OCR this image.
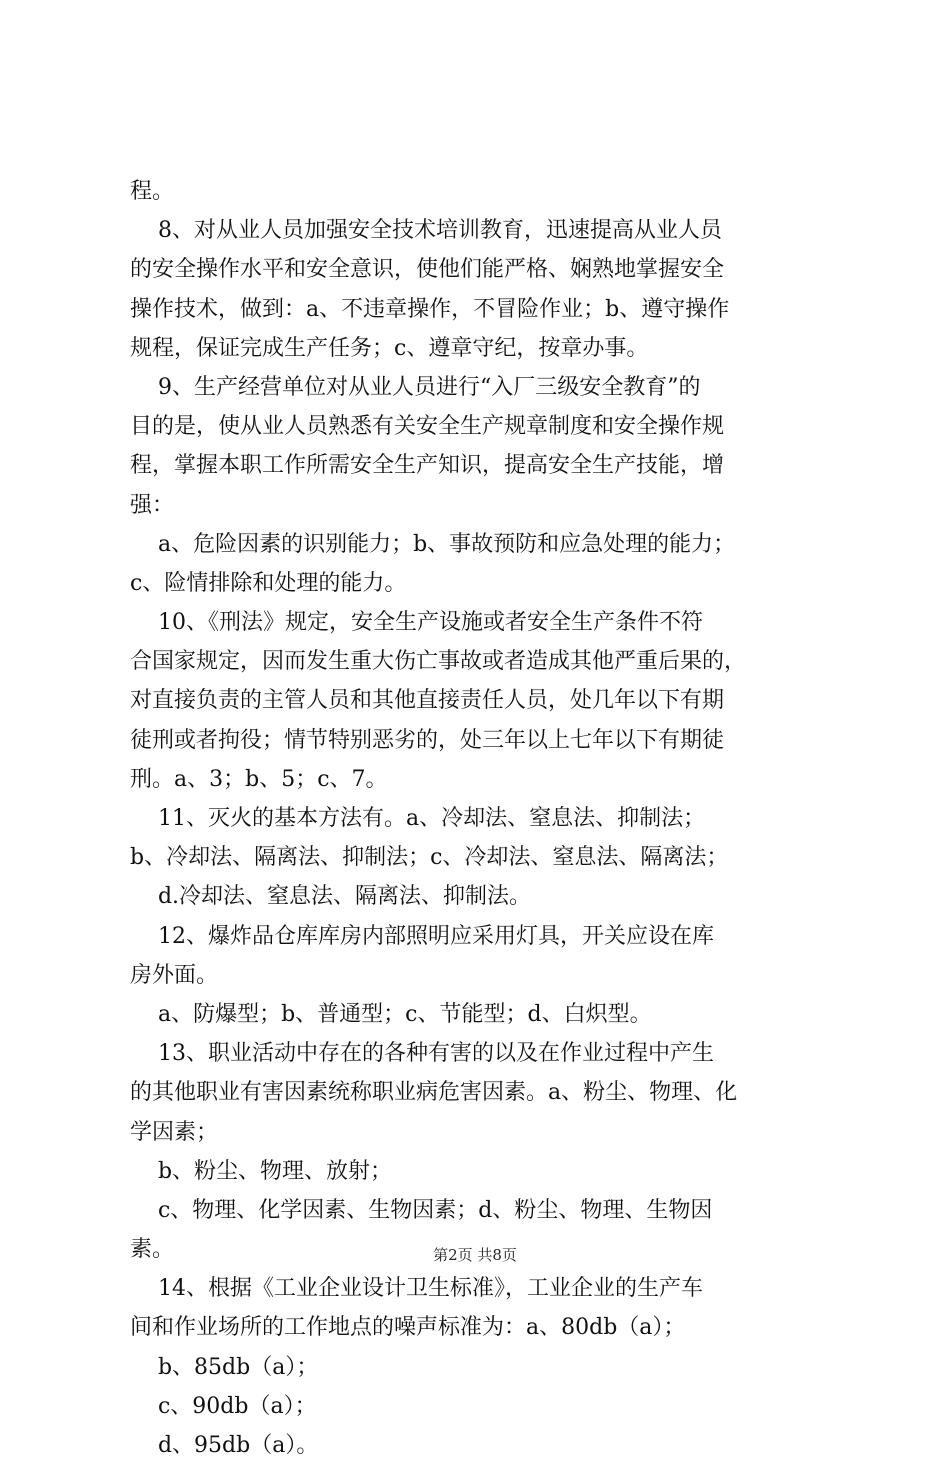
程。
8、对从业人员加强安全技术培训教育，迅速提高从业人员
的安全操作水平和安全意识，使他们能严格、娴熟地掌握安全
操作技术，做到：a、不违章操作，不冒险作业；b、遵守操作
规程，保证完成生产任务；c、遵章守纪，按章办事。
9、生产经营单位对从业人员进行“入厂三级安全教育”的
目的是，使从业人员熟悉有关安全生产规章制度和安全操作规
程，掌握本职工作所需安全生产知识，提高安全生产技能，增
强：
a、危险因素的识别能力；b、事故预防和应急处理的能力；
c、险情排除和处理的能力。
10、《刑法》规定，安全生产设施或者安全生产条件不符
合国家规定，因而发生重大伤亡事故或者造成其他严重后果的，
对直接负责的主管人员和其他直接责任人员，处几年以下有期
徒刑或者拘役；情节特别恶劣的，处三年以上七年以下有期徒
刑。a、3；b、5；c、7。
11、灭火的基本方法有。a、冷却法、窒息法、抑制法；
b、冷却法、隔离法、抑制法；c、冷却法、窒息法、隔离法；
d.冷却法、窒息法、隔离法、抑制法。
12、爆炸品仓库库房内部照明应采用灯具，开关应设在库
房外面。
a、防爆型；b、普通型；c、节能型；d、白炽型。
13、职业活动中存在的各种有害的以及在作业过程中产生
的其他职业有害因素统称职业病危害因素。a、粉尘、物理、化
学因素；
b、粉尘、物理、放射；
c、物理、化学因素、生物因素；d、粉尘、物理、生物因
素。
14、根据《工业企业设计卫生标准》，工业企业的生产车
间和作业场所的工作地点的噪声标准为：a、80db（a）；
b、85db（a）；
c、90db（a）；
d、95db（a）。
第2页 共8页
